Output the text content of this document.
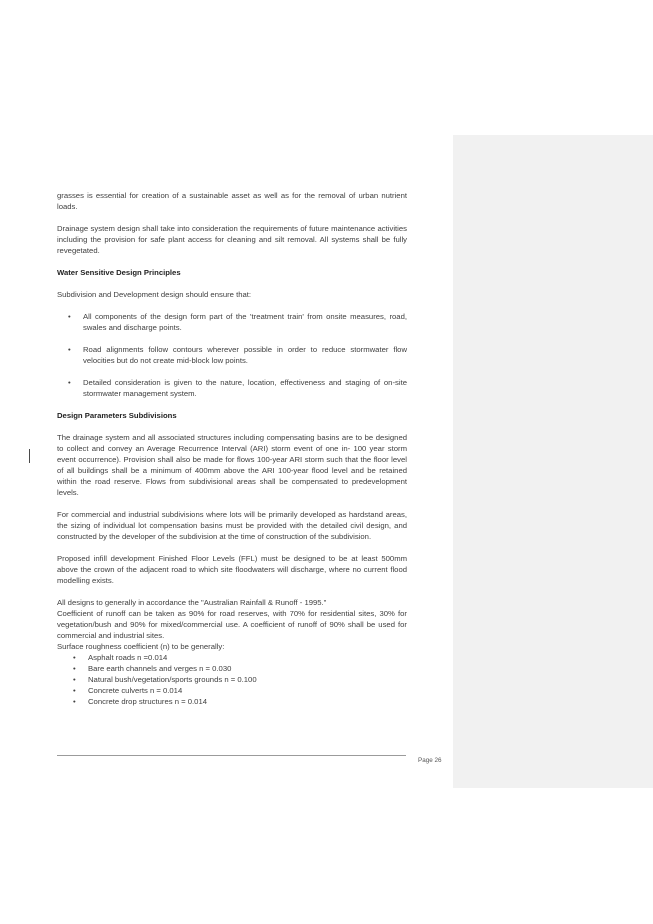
grasses is essential for creation of a sustainable asset as well as for the removal of urban nutrient loads.

Drainage system design shall take into consideration the requirements of future maintenance activities including the provision for safe plant access for cleaning and silt removal. All systems shall be fully revegetated.

Water Sensitive Design Principles

Subdivision and Development design should ensure that:

•	All components of the design form part of the 'treatment train' from onsite measures, road, swales and discharge points.
•	Road alignments follow contours wherever possible in order to reduce stormwater flow velocities but do not create mid-block low points.
•	Detailed consideration is given to the nature, location, effectiveness and staging of on-site stormwater management system.
Design Parameters Subdivisions

The drainage system and all associated structures including compensating basins are to be designed to collect and convey an Average Recurrence Interval (ARI) storm event of one in- 100 year storm event occurrence). Provision shall also be made for flows 100-year ARI storm such that the floor level of all buildings shall be a minimum of 400mm above the ARI 100-year flood level and be retained within the road reserve. Flows from subdivisional areas shall be compensated to predevelopment levels.

For commercial and industrial subdivisions where lots will be primarily developed as hardstand areas, the sizing of individual lot compensation basins must be provided with the detailed civil design, and constructed by the developer of the subdivision at the time of construction of the subdivision.

Proposed infill development Finished Floor Levels (FFL) must be designed to be at least 500mm above the crown of the adjacent road to which site floodwaters will discharge, where no current flood modelling exists.

All designs to generally in accordance the "Australian Rainfall & Runoff - 1995."

Coefficient of runoff can be taken as 90% for road reserves, with 70% for residential sites, 30% for vegetation/bush and 90% for mixed/commercial use. A coefficient of runoff of 90% shall be used for commercial and industrial sites.

Surface roughness coefficient (n) to be generally:

•	Asphalt roads n =0.014
•	Bare earth channels and verges n = 0.030
•	Natural bush/vegetation/sports grounds n = 0.100
•	Concrete culverts n = 0.014
•	Concrete drop structures n = 0.014
Page 26
